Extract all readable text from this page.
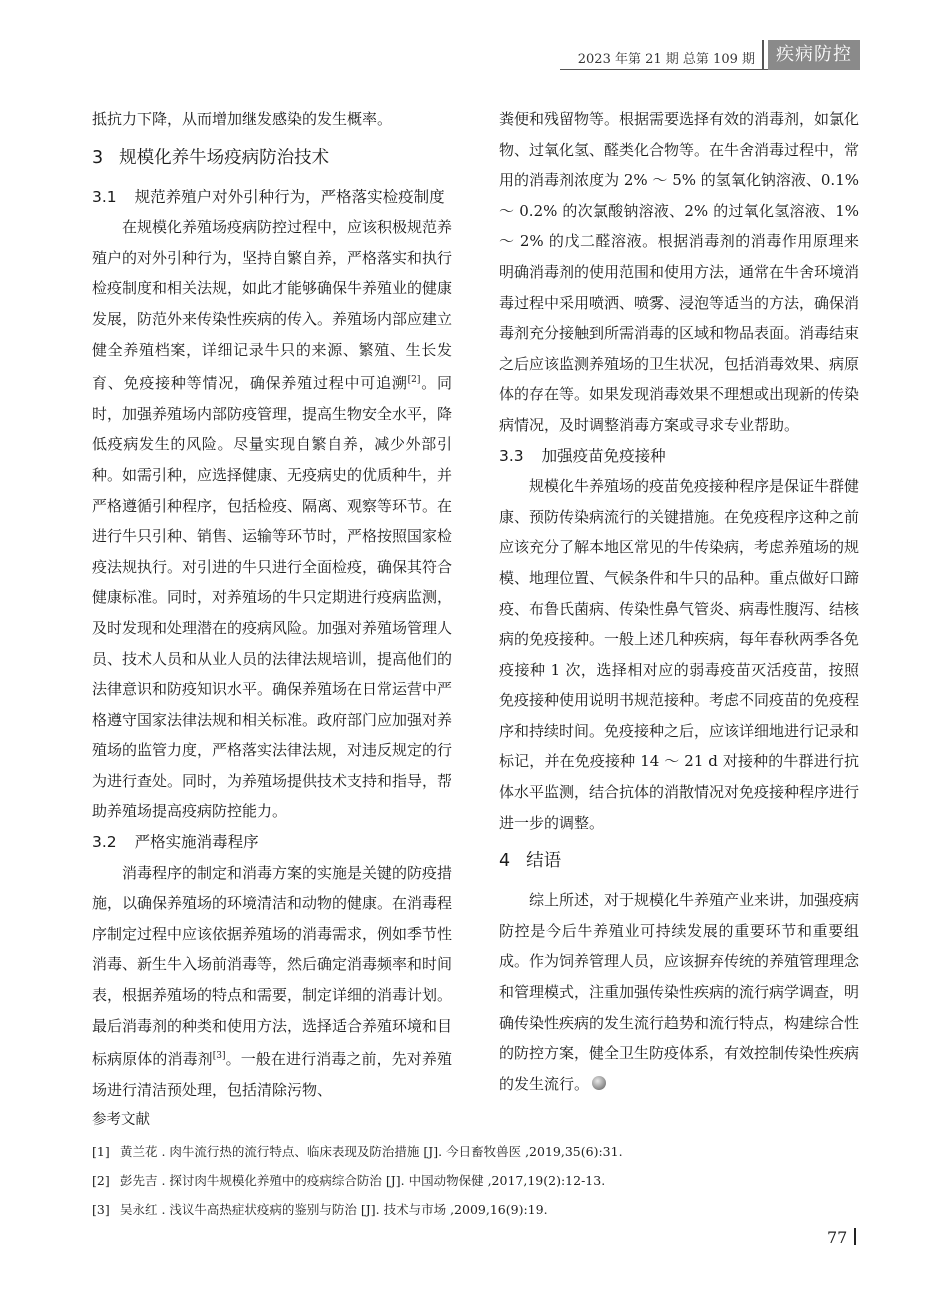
2023 年第 21 期 总第 109 期	疾病防控

抵抗力下降，从而增加继发感染的发生概率。

3 规模化养牛场疫病防治技术
3.1 规范养殖户对外引种行为，严格落实检疫制度

在规模化养殖场疫病防控过程中，应该积极规范养殖户的对外引种行为，坚持自繁自养，严格落实和执行检疫制度和相关法规，如此才能够确保牛养殖业的健康发展，防范外来传染性疾病的传入。养殖场内部应建立健全养殖档案，详细记录牛只的来源、繁殖、生长发育、免疫接种等情况，确保养殖过程中可追溯[2]。同时，加强养殖场内部防疫管理，提高生物安全水平，降低疫病发生的风险。尽量实现自繁自养，减少外部引种。如需引种，应选择健康、无疫病史的优质种牛，并严格遵循引种程序，包括检疫、隔离、观察等环节。在进行牛只引种、销售、运输等环节时，严格按照国家检疫法规执行。对引进的牛只进行全面检疫，确保其符合健康标准。同时，对养殖场的牛只定期进行疫病监测，及时发现和处理潜在的疫病风险。加强对养殖场管理人员、技术人员和从业人员的法律法规培训，提高他们的法律意识和防疫知识水平。确保养殖场在日常运营中严格遵守国家法律法规和相关标准。政府部门应加强对养殖场的监管力度，严格落实法律法规，对违反规定的行为进行查处。同时，为养殖场提供技术支持和指导，帮助养殖场提高疫病防控能力。

3.2 严格实施消毒程序

消毒程序的制定和消毒方案的实施是关键的防疫措施，以确保养殖场的环境清洁和动物的健康。在消毒程序制定过程中应该依据养殖场的消毒需求，例如季节性消毒、新生牛入场前消毒等，然后确定消毒频率和时间表，根据养殖场的特点和需要，制定详细的消毒计划。最后消毒剂的种类和使用方法，选择适合养殖环境和目标病原体的消毒剂[3]。一般在进行消毒之前，先对养殖场进行清洁预处理，包括清除污物、

粪便和残留物等。根据需要选择有效的消毒剂，如氯化物、过氧化氢、醛类化合物等。在牛舍消毒过程中，常用的消毒剂浓度为 2% ～ 5% 的氢氧化钠溶液、0.1% ～ 0.2% 的次氯酸钠溶液、2% 的过氧化氢溶液、1% ～ 2% 的戊二醛溶液。根据消毒剂的消毒作用原理来明确消毒剂的使用范围和使用方法，通常在牛舍环境消毒过程中采用喷洒、喷雾、浸泡等适当的方法，确保消毒剂充分接触到所需消毒的区域和物品表面。消毒结束之后应该监测养殖场的卫生状况，包括消毒效果、病原体的存在等。如果发现消毒效果不理想或出现新的传染病情况，及时调整消毒方案或寻求专业帮助。

3.3 加强疫苗免疫接种

规模化牛养殖场的疫苗免疫接种程序是保证牛群健康、预防传染病流行的关键措施。在免疫程序这种之前应该充分了解本地区常见的牛传染病，考虑养殖场的规模、地理位置、气候条件和牛只的品种。重点做好口蹄疫、布鲁氏菌病、传染性鼻气管炎、病毒性腹泻、结核病的免疫接种。一般上述几种疾病，每年春秋两季各免疫接种 1 次，选择相对应的弱毒疫苗灭活疫苗，按照免疫接种使用说明书规范接种。考虑不同疫苗的免疫程序和持续时间。免疫接种之后，应该详细地进行记录和标记，并在免疫接种 14 ～ 21 d 对接种的牛群进行抗体水平监测，结合抗体的消散情况对免疫接种程序进行进一步的调整。

4 结语

综上所述，对于规模化牛养殖产业来讲，加强疫病防控是今后牛养殖业可持续发展的重要环节和重要组成。作为饲养管理人员，应该摒弃传统的养殖管理理念和管理模式，注重加强传染性疾病的流行病学调查，明确传染性疾病的发生流行趋势和流行特点，构建综合性的防控方案，健全卫生防疫体系，有效控制传染性疾病的发生流行。

参考文献
[1] 黄兰花 . 肉牛流行热的流行特点、临床表现及防治措施 [J]. 今日畜牧兽医 ,2019,35(6):31.
[2] 彭先吉 . 探讨肉牛规模化养殖中的疫病综合防治 [J]. 中国动物保健 ,2017,19(2):12-13.
[3] 吴永红 . 浅议牛高热症状疫病的鉴别与防治 [J]. 技术与市场 ,2009,16(9):19.
77
